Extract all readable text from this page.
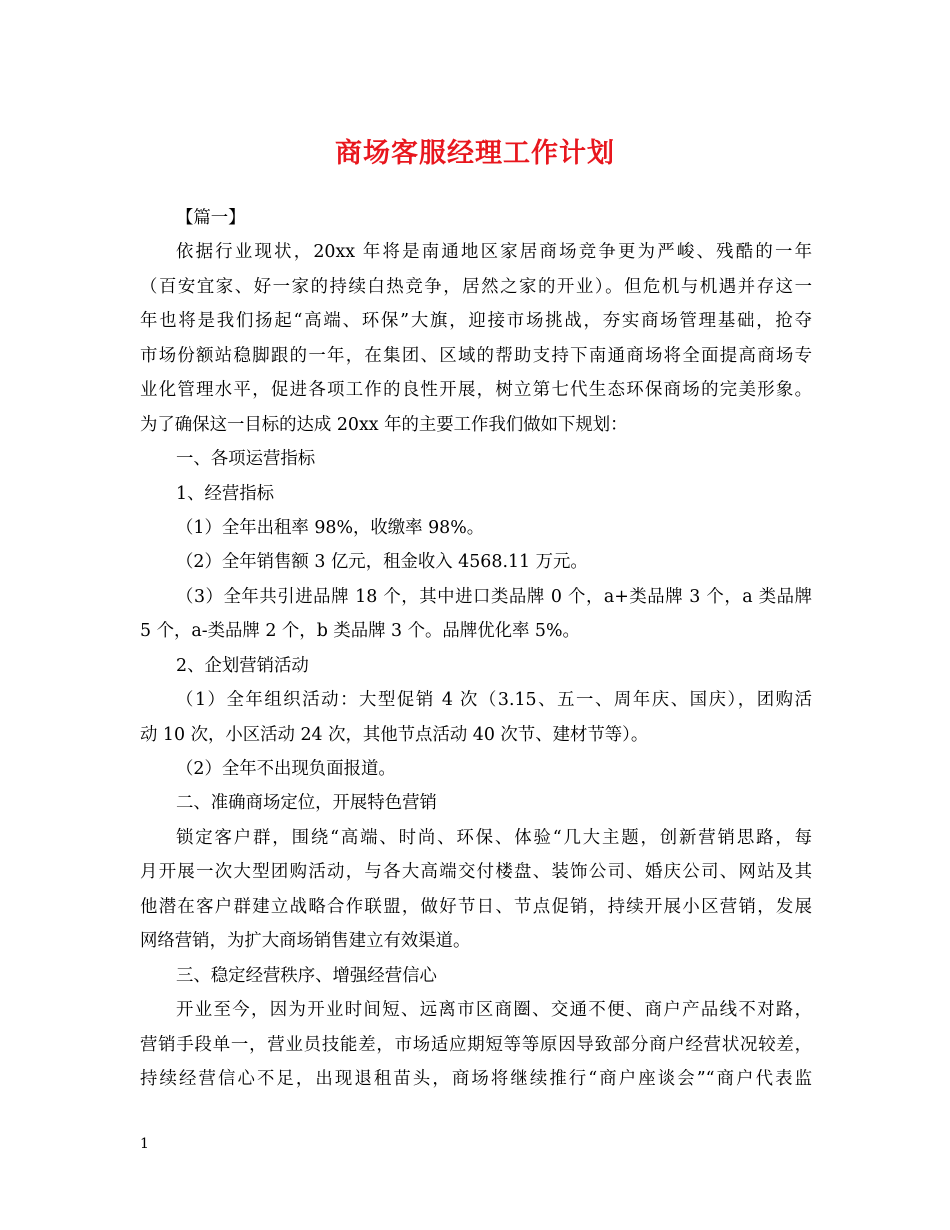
商场客服经理工作计划
【篇一】
依据行业现状，20xx 年将是南通地区家居商场竞争更为严峻、残酷的一年
（百安宜家、好一家的持续白热竞争，居然之家的开业）。但危机与机遇并存这一
年也将是我们扬起“高端、环保”大旗，迎接市场挑战，夯实商场管理基础，抢夺
市场份额站稳脚跟的一年，在集团、区域的帮助支持下南通商场将全面提高商场专
业化管理水平，促进各项工作的良性开展，树立第七代生态环保商场的完美形象。
为了确保这一目标的达成 20xx 年的主要工作我们做如下规划：
一、各项运营指标
1、经营指标
（1）全年出租率 98%，收缴率 98%。
（2）全年销售额 3 亿元，租金收入 4568.11 万元。
（3）全年共引进品牌 18 个，其中进口类品牌 0 个，a+类品牌 3 个，a 类品牌
5 个，a-类品牌 2 个，b 类品牌 3 个。品牌优化率 5%。
2、企划营销活动
（1）全年组织活动：大型促销 4 次（3.15、五一、周年庆、国庆），团购活
动 10 次，小区活动 24 次，其他节点活动 40 次节、建材节等）。
（2）全年不出现负面报道。
二、准确商场定位，开展特色营销
锁定客户群，围绕“高端、时尚、环保、体验“几大主题，创新营销思路，每
月开展一次大型团购活动，与各大高端交付楼盘、装饰公司、婚庆公司、网站及其
他潜在客户群建立战略合作联盟，做好节日、节点促销，持续开展小区营销，发展
网络营销，为扩大商场销售建立有效渠道。
三、稳定经营秩序、增强经营信心
开业至今，因为开业时间短、远离市区商圈、交通不便、商户产品线不对路，
营销手段单一，营业员技能差，市场适应期短等等原因导致部分商户经营状况较差，
持续经营信心不足，出现退租苗头，商场将继续推行“商户座谈会”“商户代表监
1
